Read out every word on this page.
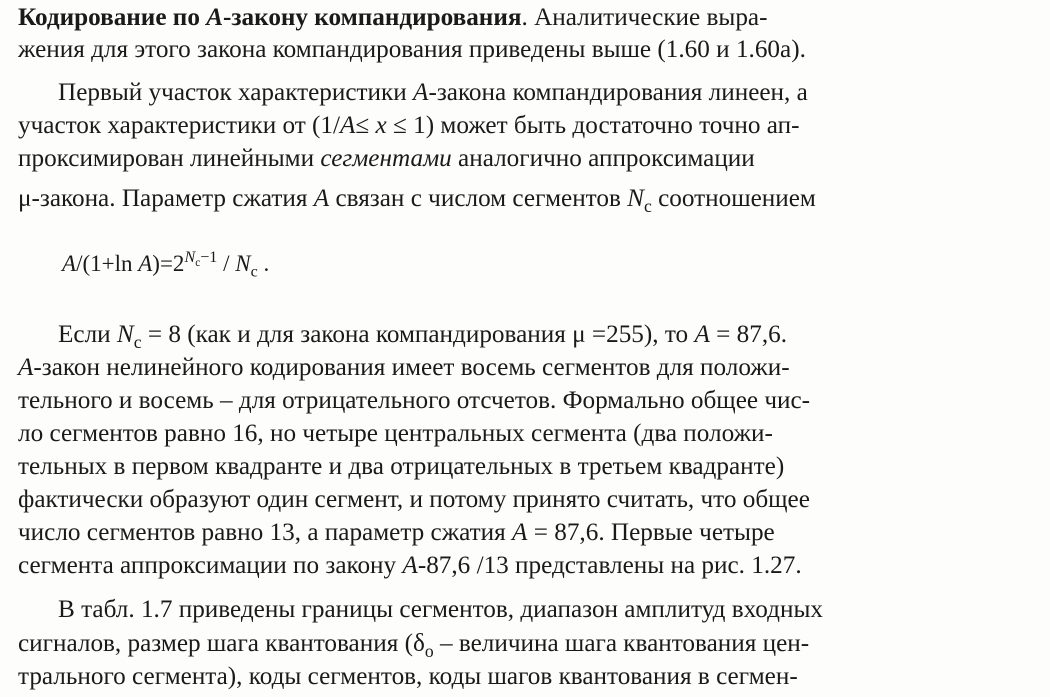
Кодирование по А-закону компандирования. Аналитические выра-
жения для этого закона компандирования приведены выше (1.60 и 1.60а).
Первый участок характеристики А-закона компандирования линеен, а
участок характеристики от (1/А≤ x ≤ 1) может быть достаточно точно ап-
проксимирован линейными сегментами аналогично аппроксимации
μ-закона. Параметр сжатия А связан с числом сегментов $N_с$ соотношением
A/(1+ln $A)=2^{N_c-1} / N_c$ .
Если $N_с = 8$ (как и для закона компандирования μ =255), то А = 87,6.
А-закон нелинейного кодирования имеет восемь сегментов для положи-
тельного и восемь – для отрицательного отсчетов. Формально общее чис-
ло сегментов равно 16, но четыре центральных сегмента (два положи-
тельных в первом квадранте и два отрицательных в третьем квадранте)
фактически образуют один сегмент, и потому принято считать, что общее
число сегментов равно 13, а параметр сжатия А = 87,6. Первые четыре
сегмента аппроксимации по закону А-87,6 /13 представлены на рис. 1.27.
В табл. 1.7 приведены границы сегментов, диапазон амплитуд входных
сигналов, размер шага квантования ($\delta_о$ – величина шага квантования цен-
трального сегмента), коды сегментов, коды шагов квантования в сегмен-
